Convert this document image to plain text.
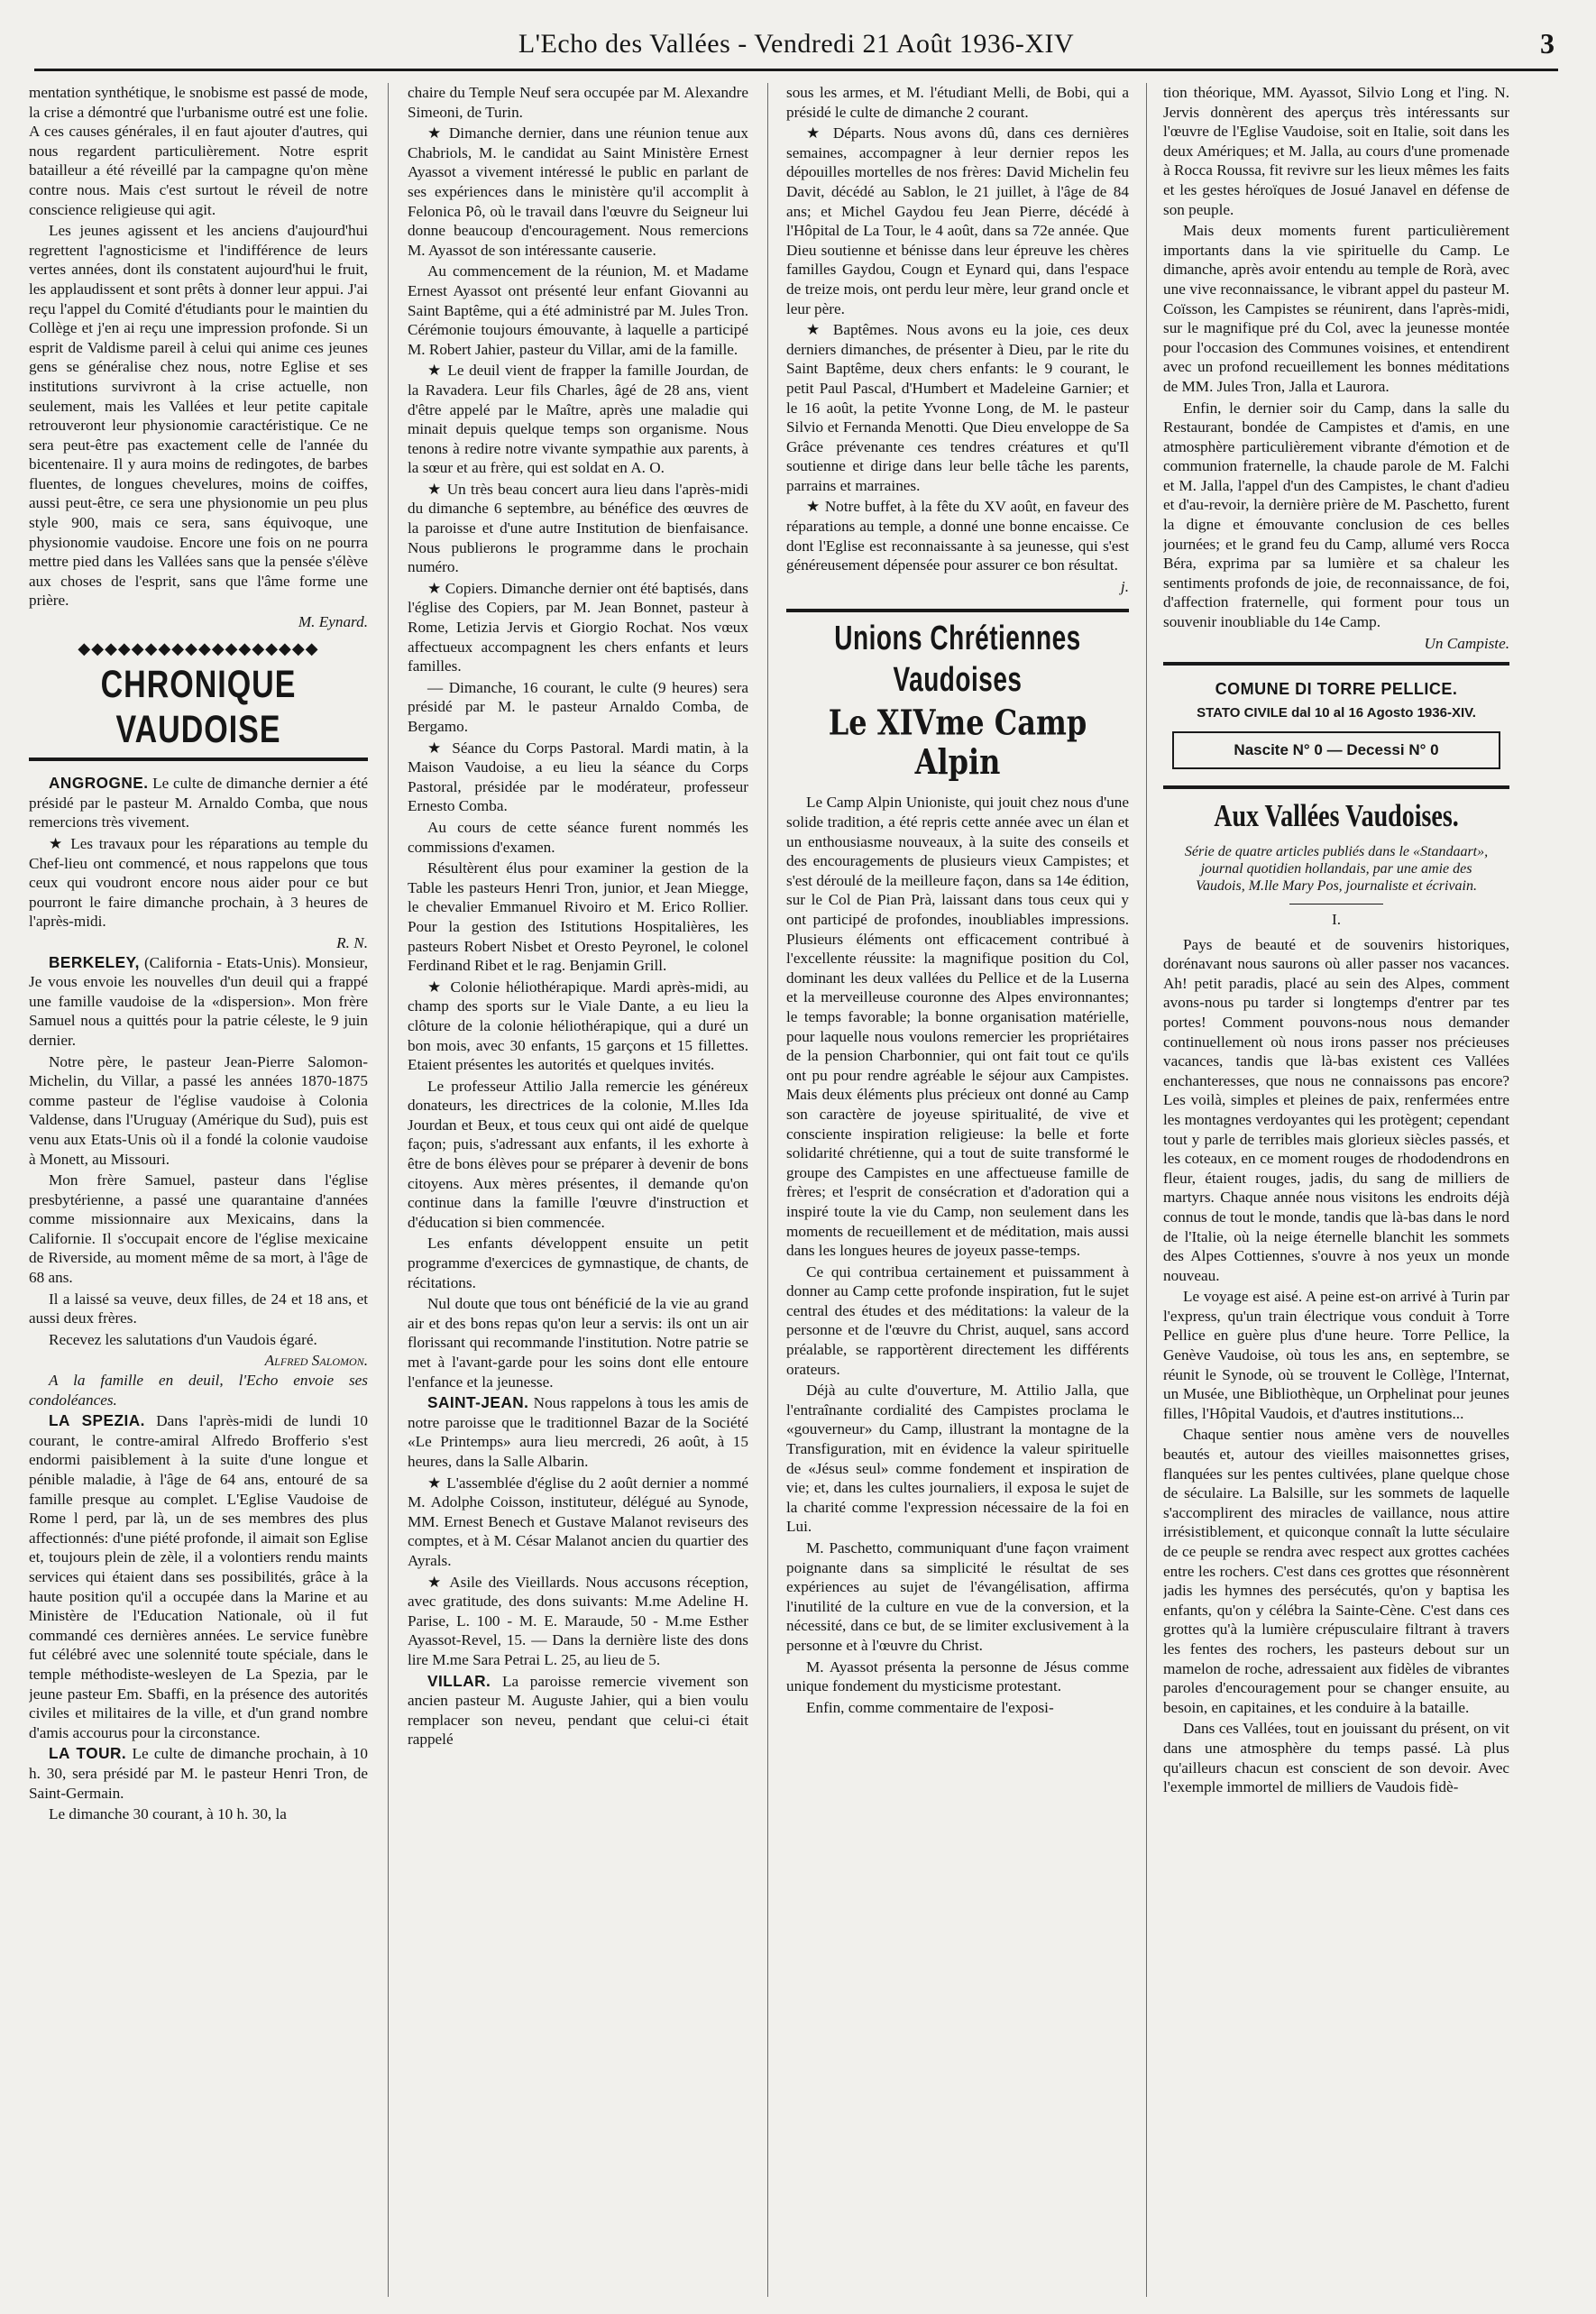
L'Echo des Vallées - Vendredi 21 Août 1936-XIV	3

mentation synthétique, le snobisme est passé de mode, la crise a démontré que l'urbanisme outré est une folie. A ces causes générales, il en faut ajouter d'autres, qui nous regardent particulièrement. Notre esprit batailleur a été réveillé par la campagne qu'on mène contre nous. Mais c'est surtout le réveil de notre conscience religieuse qui agit.

Les jeunes agissent et les anciens d'aujourd'hui regrettent l'agnosticisme et l'indifférence de leurs vertes années, dont ils constatent aujourd'hui le fruit, les applaudissent et sont prêts à donner leur appui. J'ai reçu l'appel du Comité d'étudiants pour le maintien du Collège et j'en ai reçu une impression profonde. Si un esprit de Valdisme pareil à celui qui anime ces jeunes gens se généralise chez nous, notre Eglise et ses institutions survivront à la crise actuelle, non seulement, mais les Vallées et leur petite capitale retrouveront leur physionomie caractéristique. Ce ne sera peut-être pas exactement celle de l'année du bicentenaire. Il y aura moins de redingotes, de barbes fluentes, de longues chevelures, moins de coiffes, aussi peut-être, ce sera une physionomie un peu plus style 900, mais ce sera, sans équivoque, une physionomie vaudoise. Encore une fois on ne pourra mettre pied dans les Vallées sans que la pensée s'élève aux choses de l'esprit, sans que l'âme forme une prière.

M. Eynard.
◆◆◆◆◆◆◆◆◆◆◆◆◆◆◆◆◆◆
CHRONIQUE VAUDOISE

ANGROGNE. Le culte de dimanche dernier a été présidé par le pasteur M. Arnaldo Comba, que nous remercions très vivement.

★ Les travaux pour les réparations au temple du Chef-lieu ont commencé, et nous rappelons que tous ceux qui voudront encore nous aider pour ce but pourront le faire dimanche prochain, à 3 heures de l'après-midi.

R. N.

BERKELEY, (California - Etats-Unis). Monsieur, Je vous envoie les nouvelles d'un deuil qui a frappé une famille vaudoise de la «dispersion». Mon frère Samuel nous a quittés pour la patrie céleste, le 9 juin dernier.

Notre père, le pasteur Jean-Pierre Salomon-Michelin, du Villar, a passé les années 1870-1875 comme pasteur de l'église vaudoise à Colonia Valdense, dans l'Uruguay (Amérique du Sud), puis est venu aux Etats-Unis où il a fondé la colonie vaudoise à Monett, au Missouri.

Mon frère Samuel, pasteur dans l'église presbytérienne, a passé une quarantaine d'années comme missionnaire aux Mexicains, dans la Californie. Il s'occupait encore de l'église mexicaine de Riverside, au moment même de sa mort, à l'âge de 68 ans.

Il a laissé sa veuve, deux filles, de 24 et 18 ans, et aussi deux frères.

Recevez les salutations d'un Vaudois égaré.

Alfred Salomon.

A la famille en deuil, l'Echo envoie ses condoléances.

LA SPEZIA. Dans l'après-midi de lundi 10 courant, le contre-amiral Alfredo Brofferio s'est endormi paisiblement à la suite d'une longue et pénible maladie, à l'âge de 64 ans, entouré de sa famille presque au complet. L'Eglise Vaudoise de Rome l perd, par là, un de ses membres des plus affectionnés: d'une piété profonde, il aimait son Eglise et, toujours plein de zèle, il a volontiers rendu maints services qui étaient dans ses possibilités, grâce à la haute position qu'il a occupée dans la Marine et au Ministère de l'Education Nationale, où il fut commandé ces dernières années. Le service funèbre fut célébré avec une solennité toute spéciale, dans le temple méthodiste-wesleyen de La Spezia, par le jeune pasteur Em. Sbaffi, en la présence des autorités civiles et militaires de la ville, et d'un grand nombre d'amis accourus pour la circonstance.

LA TOUR. Le culte de dimanche prochain, à 10 h. 30, sera présidé par M. le pasteur Henri Tron, de Saint-Germain.

Le dimanche 30 courant, à 10 h. 30, la

chaire du Temple Neuf sera occupée par M. Alexandre Simeoni, de Turin.

★ Dimanche dernier, dans une réunion tenue aux Chabriols, M. le candidat au Saint Ministère Ernest Ayassot a vivement intéressé le public en parlant de ses expériences dans le ministère qu'il accomplit à Felonica Pô, où le travail dans l'œuvre du Seigneur lui donne beaucoup d'encouragement. Nous remercions M. Ayassot de son intéressante causerie.

Au commencement de la réunion, M. et Madame Ernest Ayassot ont présenté leur enfant Giovanni au Saint Baptême, qui a été administré par M. Jules Tron. Cérémonie toujours émouvante, à laquelle a participé M. Robert Jahier, pasteur du Villar, ami de la famille.

★ Le deuil vient de frapper la famille Jourdan, de la Ravadera. Leur fils Charles, âgé de 28 ans, vient d'être appelé par le Maître, après une maladie qui minait depuis quelque temps son organisme. Nous tenons à redire notre vivante sympathie aux parents, à la sœur et au frère, qui est soldat en A. O.

★ Un très beau concert aura lieu dans l'après-midi du dimanche 6 septembre, au bénéfice des œuvres de la paroisse et d'une autre Institution de bienfaisance. Nous publierons le programme dans le prochain numéro.

★ Copiers. Dimanche dernier ont été baptisés, dans l'église des Copiers, par M. Jean Bonnet, pasteur à Rome, Letizia Jervis et Giorgio Rochat. Nos vœux affectueux accompagnent les chers enfants et leurs familles.

— Dimanche, 16 courant, le culte (9 heures) sera présidé par M. le pasteur Arnaldo Comba, de Bergamo.

★ Séance du Corps Pastoral. Mardi matin, à la Maison Vaudoise, a eu lieu la séance du Corps Pastoral, présidée par le modérateur, professeur Ernesto Comba.

Au cours de cette séance furent nommés les commissions d'examen.

Résultèrent élus pour examiner la gestion de la Table les pasteurs Henri Tron, junior, et Jean Miegge, le chevalier Emmanuel Rivoiro et M. Erico Rollier. Pour la gestion des Istitutions Hospitalières, les pasteurs Robert Nisbet et Oresto Peyronel, le colonel Ferdinand Ribet et le rag. Benjamin Grill.

★ Colonie héliothérapique. Mardi après-midi, au champ des sports sur le Viale Dante, a eu lieu la clôture de la colonie héliothérapique, qui a duré un bon mois, avec 30 enfants, 15 garçons et 15 fillettes. Etaient présentes les autorités et quelques invités.

Le professeur Attilio Jalla remercie les généreux donateurs, les directrices de la colonie, M.lles Ida Jourdan et Beux, et tous ceux qui ont aidé de quelque façon; puis, s'adressant aux enfants, il les exhorte à être de bons élèves pour se préparer à devenir de bons citoyens. Aux mères présentes, il demande qu'on continue dans la famille l'œuvre d'instruction et d'éducation si bien commencée.

Les enfants développent ensuite un petit programme d'exercices de gymnastique, de chants, de récitations.

Nul doute que tous ont bénéficié de la vie au grand air et des bons repas qu'on leur a servis: ils ont un air florissant qui recommande l'institution. Notre patrie se met à l'avant-garde pour les soins dont elle entoure l'enfance et la jeunesse.

SAINT-JEAN. Nous rappelons à tous les amis de notre paroisse que le traditionnel Bazar de la Société «Le Printemps» aura lieu mercredi, 26 août, à 15 heures, dans la Salle Albarin.

★ L'assemblée d'église du 2 août dernier a nommé M. Adolphe Coisson, instituteur, délégué au Synode, MM. Ernest Benech et Gustave Malanot reviseurs des comptes, et à M. César Malanot ancien du quartier des Ayrals.

★ Asile des Vieillards. Nous accusons réception, avec gratitude, des dons suivants: M.me Adeline H. Parise, L. 100 - M. E. Maraude, 50 - M.me Esther Ayassot-Revel, 15. — Dans la dernière liste des dons lire M.me Sara Petrai L. 25, au lieu de 5.

VILLAR. La paroisse remercie vivement son ancien pasteur M. Auguste Jahier, qui a bien voulu remplacer son neveu, pendant que celui-ci était rappelé

sous les armes, et M. l'étudiant Melli, de Bobi, qui a présidé le culte de dimanche 2 courant.

★ Départs. Nous avons dû, dans ces dernières semaines, accompagner à leur dernier repos les dépouilles mortelles de nos frères: David Michelin feu Davit, décédé au Sablon, le 21 juillet, à l'âge de 84 ans; et Michel Gaydou feu Jean Pierre, décédé à l'Hôpital de La Tour, le 4 août, dans sa 72e année. Que Dieu soutienne et bénisse dans leur épreuve les chères familles Gaydou, Cougn et Eynard qui, dans l'espace de treize mois, ont perdu leur mère, leur grand oncle et leur père.

★ Baptêmes. Nous avons eu la joie, ces deux derniers dimanches, de présenter à Dieu, par le rite du Saint Baptême, deux chers enfants: le 9 courant, le petit Paul Pascal, d'Humbert et Madeleine Garnier; et le 16 août, la petite Yvonne Long, de M. le pasteur Silvio et Fernanda Menotti. Que Dieu enveloppe de Sa Grâce prévenante ces tendres créatures et qu'Il soutienne et dirige dans leur belle tâche les parents, parrains et marraines.

★ Notre buffet, à la fête du XV août, en faveur des réparations au temple, a donné une bonne encaisse. Ce dont l'Eglise est reconnaissante à sa jeunesse, qui s'est généreusement dépensée pour assurer ce bon résultat.

j.
Unions Chrétiennes Vaudoises
Le XIVme Camp Alpin

Le Camp Alpin Unioniste, qui jouit chez nous d'une solide tradition, a été repris cette année avec un élan et un enthousiasme nouveaux, à la suite des conseils et des encouragements de plusieurs vieux Campistes; et s'est déroulé de la meilleure façon, dans sa 14e édition, sur le Col de Pian Prà, laissant dans tous ceux qui y ont participé de profondes, inoubliables impressions. Plusieurs éléments ont efficacement contribué à l'excellente réussite: la magnifique position du Col, dominant les deux vallées du Pellice et de la Luserna et la merveilleuse couronne des Alpes environnantes; le temps favorable; la bonne organisation matérielle, pour laquelle nous voulons remercier les propriétaires de la pension Charbonnier, qui ont fait tout ce qu'ils ont pu pour rendre agréable le séjour aux Campistes. Mais deux éléments plus précieux ont donné au Camp son caractère de joyeuse spiritualité, de vive et consciente inspiration religieuse: la belle et forte solidarité chrétienne, qui a tout de suite transformé le groupe des Campistes en une affectueuse famille de frères; et l'esprit de consécration et d'adoration qui a inspiré toute la vie du Camp, non seulement dans les moments de recueillement et de méditation, mais aussi dans les longues heures de joyeux passe-temps.

Ce qui contribua certainement et puissamment à donner au Camp cette profonde inspiration, fut le sujet central des études et des méditations: la valeur de la personne et de l'œuvre du Christ, auquel, sans accord préalable, se rapportèrent directement les différents orateurs.

Déjà au culte d'ouverture, M. Attilio Jalla, que l'entraînante cordialité des Campistes proclama le «gouverneur» du Camp, illustrant la montagne de la Transfiguration, mit en évidence la valeur spirituelle de «Jésus seul» comme fondement et inspiration de vie; et, dans les cultes journaliers, il exposa le sujet de la charité comme l'expression nécessaire de la foi en Lui.

M. Paschetto, communiquant d'une façon vraiment poignante dans sa simplicité le résultat de ses expériences au sujet de l'évangélisation, affirma l'inutilité de la culture en vue de la conversion, et la nécessité, dans ce but, de se limiter exclusivement à la personne et à l'œuvre du Christ.

M. Ayassot présenta la personne de Jésus comme unique fondement du mysticisme protestant.

Enfin, comme commentaire de l'exposi-

tion théorique, MM. Ayassot, Silvio Long et l'ing. N. Jervis donnèrent des aperçus très intéressants sur l'œuvre de l'Eglise Vaudoise, soit en Italie, soit dans les deux Amériques; et M. Jalla, au cours d'une promenade à Rocca Roussa, fit revivre sur les lieux mêmes les faits et les gestes héroïques de Josué Janavel en défense de son peuple.

Mais deux moments furent particulièrement importants dans la vie spirituelle du Camp. Le dimanche, après avoir entendu au temple de Rorà, avec une vive reconnaissance, le vibrant appel du pasteur M. Coïsson, les Campistes se réunirent, dans l'après-midi, sur le magnifique pré du Col, avec la jeunesse montée pour l'occasion des Communes voisines, et entendirent avec un profond recueillement les bonnes méditations de MM. Jules Tron, Jalla et Laurora.

Enfin, le dernier soir du Camp, dans la salle du Restaurant, bondée de Campistes et d'amis, en une atmosphère particulièrement vibrante d'émotion et de communion fraternelle, la chaude parole de M. Falchi et M. Jalla, l'appel d'un des Campistes, le chant d'adieu et d'au-revoir, la dernière prière de M. Paschetto, furent la digne et émouvante conclusion de ces belles journées; et le grand feu du Camp, allumé vers Rocca Béra, exprima par sa lumière et sa chaleur les sentiments profonds de joie, de reconnaissance, de foi, d'affection fraternelle, qui forment pour tous un souvenir inoubliable du 14e Camp.

Un Campiste.
COMUNE DI TORRE PELLICE.
STATO CIVILE dal 10 al 16 Agosto 1936-XIV.
Nascite N° 0 — Decessi N° 0
Aux Vallées Vaudoises.
Série de quatre articles publiés dans le «Standaart», journal quotidien hollandais, par une amie des Vaudois, M.lle Mary Pos, journaliste et écrivain.
I.

Pays de beauté et de souvenirs historiques, dorénavant nous saurons où aller passer nos vacances. Ah! petit paradis, placé au sein des Alpes, comment avons-nous pu tarder si longtemps d'entrer par tes portes! Comment pouvons-nous nous demander continuellement où nous irons passer nos précieuses vacances, tandis que là-bas existent ces Vallées enchanteresses, que nous ne connaissons pas encore? Les voilà, simples et pleines de paix, renfermées entre les montagnes verdoyantes qui les protègent; cependant tout y parle de terribles mais glorieux siècles passés, et les coteaux, en ce moment rouges de rhododendrons en fleur, étaient rouges, jadis, du sang de milliers de martyrs. Chaque année nous visitons les endroits déjà connus de tout le monde, tandis que là-bas dans le nord de l'Italie, où la neige éternelle blanchit les sommets des Alpes Cottiennes, s'ouvre à nos yeux un monde nouveau.

Le voyage est aisé. A peine est-on arrivé à Turin par l'express, qu'un train électrique vous conduit à Torre Pellice en guère plus d'une heure. Torre Pellice, la Genève Vaudoise, où tous les ans, en septembre, se réunit le Synode, où se trouvent le Collège, l'Internat, un Musée, une Bibliothèque, un Orphelinat pour jeunes filles, l'Hôpital Vaudois, et d'autres institutions...

Chaque sentier nous amène vers de nouvelles beautés et, autour des vieilles maisonnettes grises, flanquées sur les pentes cultivées, plane quelque chose de séculaire. La Balsille, sur les sommets de laquelle s'accomplirent des miracles de vaillance, nous attire irrésistiblement, et quiconque connaît la lutte séculaire de ce peuple se rendra avec respect aux grottes cachées entre les rochers. C'est dans ces grottes que résonnèrent jadis les hymnes des persécutés, qu'on y baptisa les enfants, qu'on y célébra la Sainte-Cène. C'est dans ces grottes qu'à la lumière crépusculaire filtrant à travers les fentes des rochers, les pasteurs debout sur un mamelon de roche, adressaient aux fidèles de vibrantes paroles d'encouragement pour se changer ensuite, au besoin, en capitaines, et les conduire à la bataille.

Dans ces Vallées, tout en jouissant du présent, on vit dans une atmosphère du temps passé. Là plus qu'ailleurs chacun est conscient de son devoir. Avec l'exemple immortel de milliers de Vaudois fidè-
